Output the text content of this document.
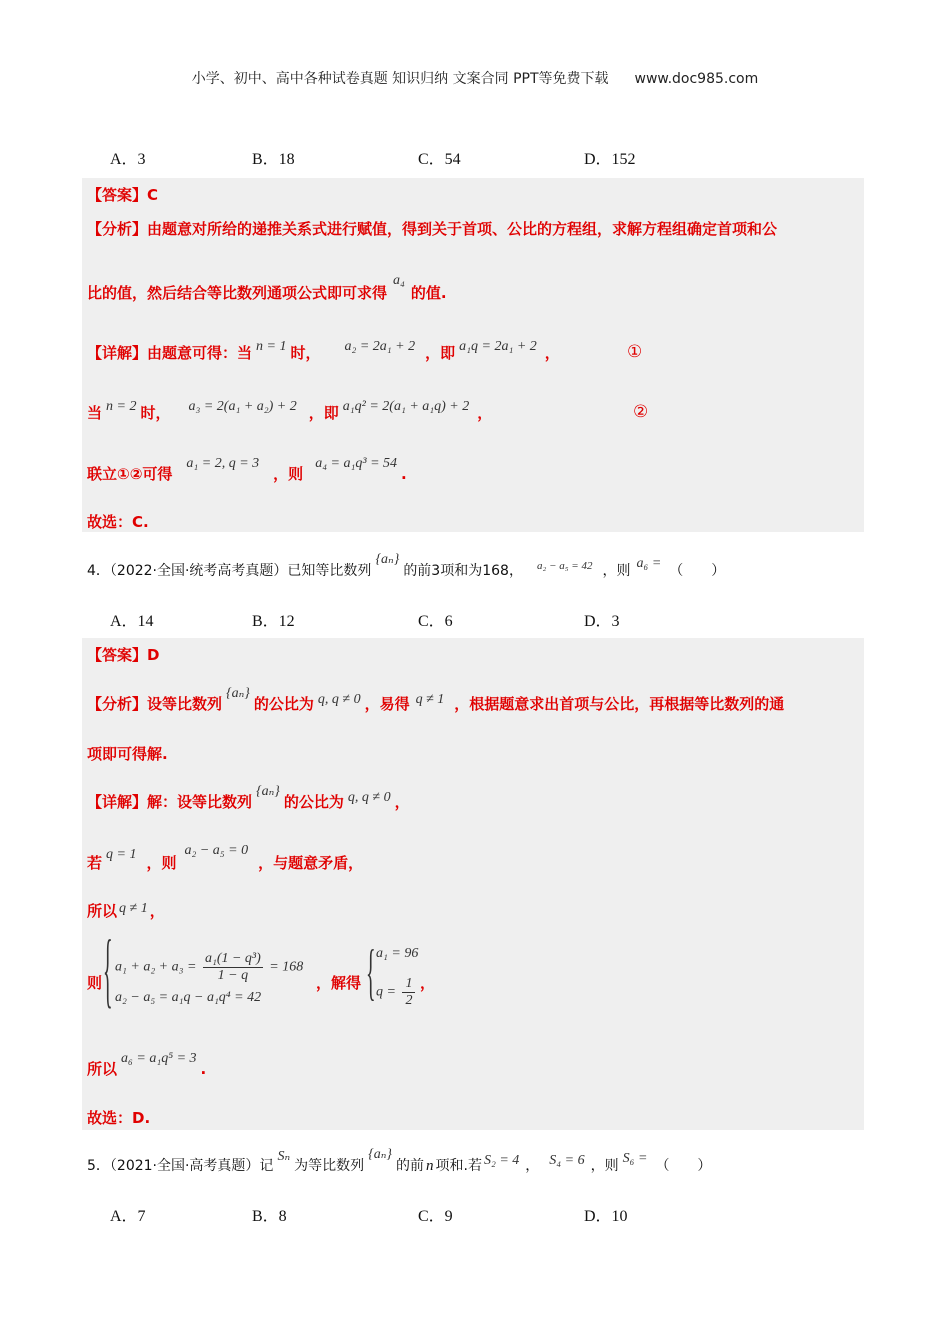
小学、初中、高中各种试卷真题 知识归纳 文案合同 PPT等免费下载 www.doc985.com
A．3	B．18	C．54	D．152
【答案】C
【分析】由题意对所给的递推关系式进行赋值，得到关于首项、公比的方程组，求解方程组确定首项和公
比的值，然后结合等比数列通项公式即可求得a₄的值.
【详解】由题意可得：当 n = 1 时， a₂ = 2a₁ + 2 ，即 a₁q = 2a₁ + 2 ，	①
当 n = 2 时， a₃ = 2(a₁ + a₂) + 2 ，即 a₁q² = 2(a₁ + a₁q) + 2 ，	②
联立①②可得a₁ = 2, q = 3，则a₄ = a₁q³ = 54.
故选：C.
4．（2022·全国·统考高考真题）已知等比数列{aₙ}的前3项和为168， $^{a_2 - a_5 = 42}$ ，则 a₆ = （　　）
A．14	B．12	C．6	D．3
【答案】D
【分析】设等比数列{aₙ}的公比为 q, q ≠ 0 ，易得 q ≠ 1 ，根据题意求出首项与公比，再根据等比数列的通
项即可得解.
【详解】解：设等比数列{aₙ}的公比为 q, q ≠ 0 ，
若 q = 1 ，则a₂ − a₅ = 0，与题意矛盾，
所以 q ≠ 1 ，
则 { $a_1 + a_2 + a_3 = \frac{\text{a₁(1 − q³)}}{1 - q} = 168$
a₂ − a₅ = a₁q − a₁q⁴ = 42
，解得 { a₁ = 96
$q = \frac{1}{2}$ ，
所以a₆ = a₁q⁵ = 3.
故选：D.
5．（2021·全国·高考真题）记Sₙ为等比数列{aₙ}的前 n 项和.若 S₂ = 4 ， S₄ = 6 ，则 S₆ = （　　）
A．7	B．8	C．9	D．10
